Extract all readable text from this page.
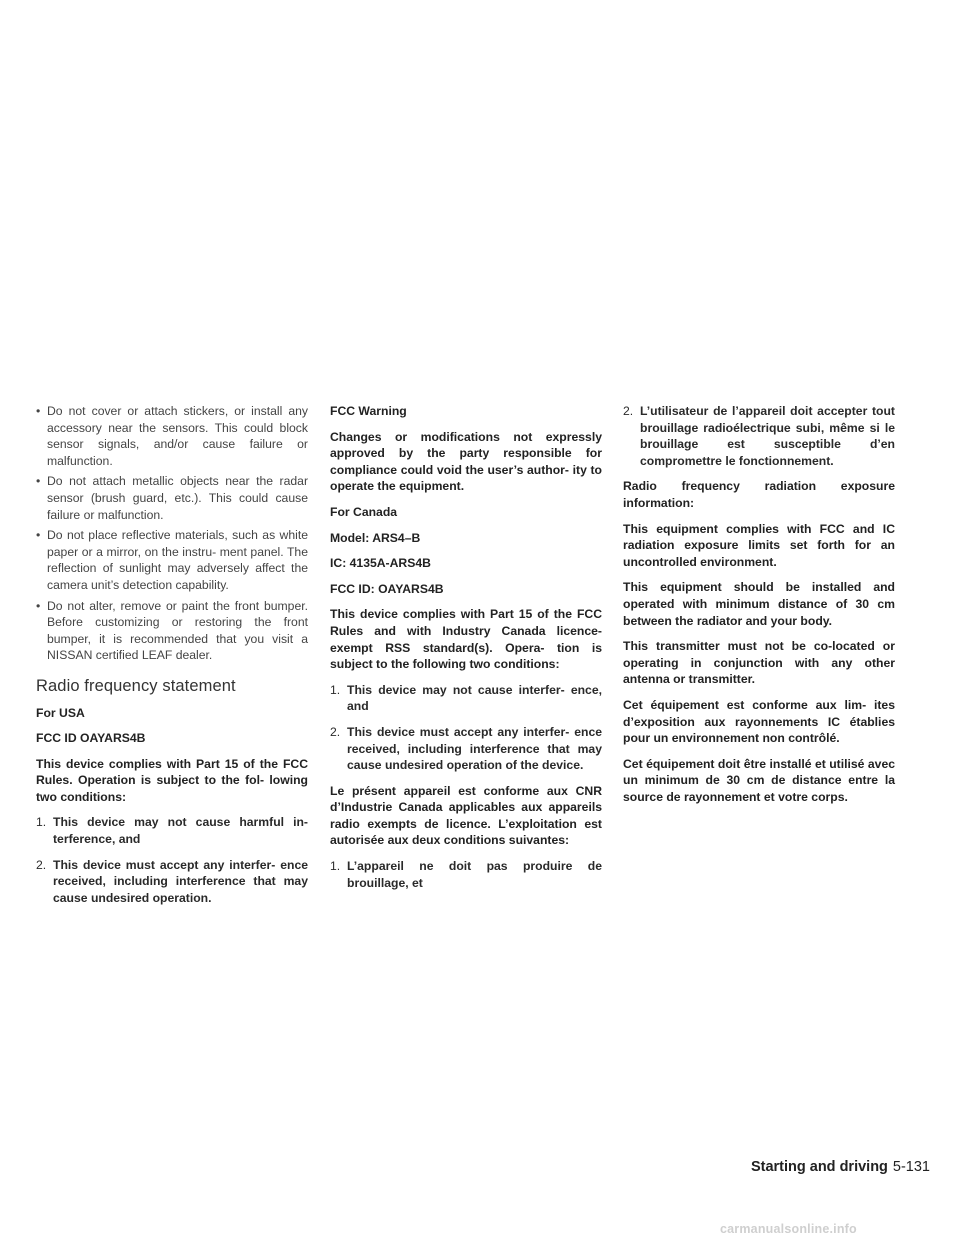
• Do not cover or attach stickers, or install any accessory near the sensors. This could block sensor signals, and/or cause failure or malfunction.
• Do not attach metallic objects near the radar sensor (brush guard, etc.). This could cause failure or malfunction.
• Do not place reflective materials, such as white paper or a mirror, on the instru- ment panel. The reflection of sunlight may adversely affect the camera unit’s detection capability.
• Do not alter, remove or paint the front bumper. Before customizing or restoring the front bumper, it is recommended that you visit a NISSAN certified LEAF dealer.
Radio frequency statement

For USA

FCC ID OAYARS4B

This device complies with Part 15 of the FCC Rules. Operation is subject to the fol- lowing two conditions:

1. This device may not cause harmful in- terference, and
2. This device must accept any interfer- ence received, including interference that may cause undesired operation.

FCC Warning

Changes or modifications not expressly approved by the party responsible for compliance could void the user’s author- ity to operate the equipment.

For Canada

Model: ARS4–B

IC: 4135A-ARS4B

FCC ID: OAYARS4B

This device complies with Part 15 of the FCC Rules and with Industry Canada licence-exempt RSS standard(s). Opera- tion is subject to the following two conditions:

1. This device may not cause interfer- ence, and
2. This device must accept any interfer- ence received, including interference that may cause undesired operation of the device.

Le présent appareil est conforme aux CNR d’Industrie Canada applicables aux appareils radio exempts de licence. L’exploitation est autorisée aux deux conditions suivantes:

1. L’appareil ne doit pas produire de brouillage, et
2. L’utilisateur de l’appareil doit accepter tout brouillage radioélectrique subi, même si le brouillage est susceptible d’en compromettre le fonctionnement.

Radio frequency radiation exposure information:

This equipment complies with FCC and IC radiation exposure limits set forth for an uncontrolled environment.

This equipment should be installed and operated with minimum distance of 30 cm between the radiator and your body.

This transmitter must not be co-located or operating in conjunction with any other antenna or transmitter.

Cet équipement est conforme aux lim- ites d’exposition aux rayonnements IC établies pour un environnement non contrôlé.

Cet équipement doit être installé et utilisé avec un minimum de 30 cm de distance entre la source de rayonnement et votre corps.

Starting and driving 5-131
carmanualsonline.info
